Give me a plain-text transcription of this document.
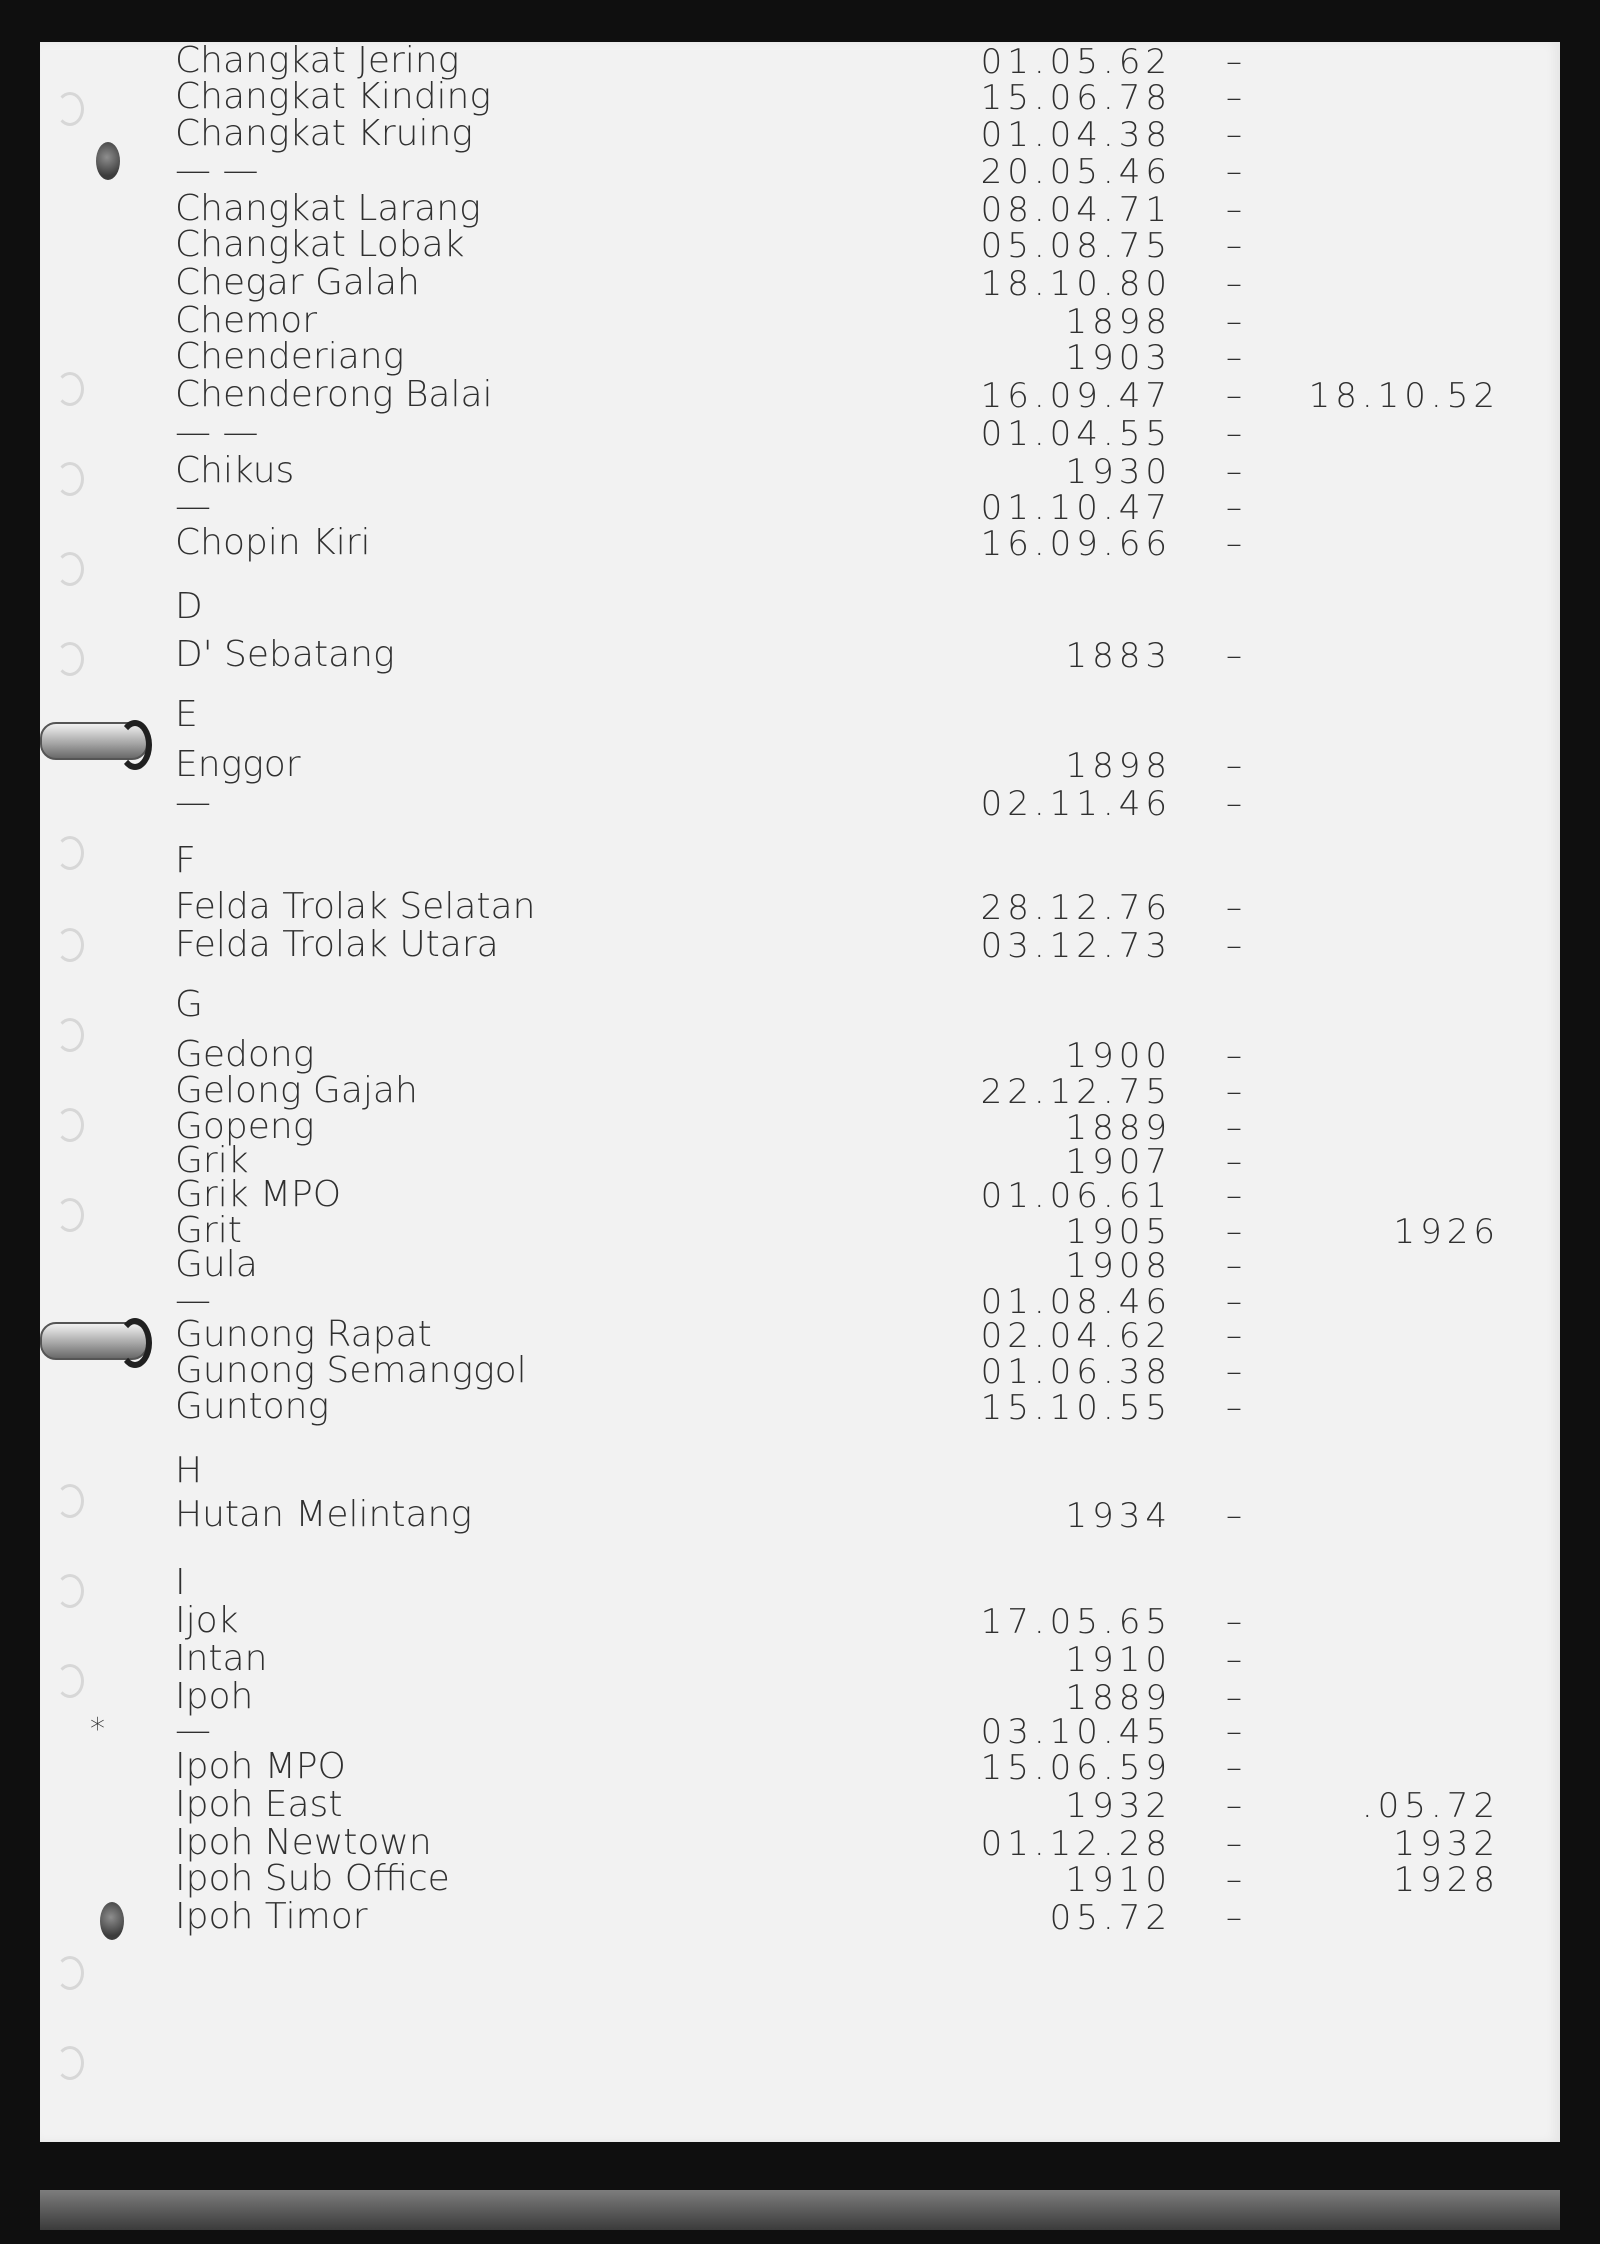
*
Changkat Jering	01.05.62 –
Changkat Kinding	15.06.78 –
Changkat Kruing	01.04.38 –
— —	20.05.46 –
Changkat Larang	08.04.71 –
Changkat Lobak	05.08.75 –
Chegar Galah	18.10.80 –
Chemor	1898 –
Chenderiang	1903 –
Chenderong Balai	16.09.47 – 18.10.52
— —	01.04.55 –
Chikus	1930 –
—	01.10.47 –
Chopin Kiri	16.09.66 –
D
D' Sebatang	1883 –
E
Enggor	1898 –
—	02.11.46 –
F
Felda Trolak Selatan	28.12.76 –
Felda Trolak Utara	03.12.73 –
G
Gedong	1900 –
Gelong Gajah	22.12.75 –
Gopeng	1889 –
Grik	1907 –
Grik MPO	01.06.61 –
Grit	1905 –	1926
Gula	1908 –
—	01.08.46 –
Gunong Rapat	02.04.62 –
Gunong Semanggol	01.06.38 –
Guntong	15.10.55 –
H
Hutan Melintang	1934 –
I
Ijok	17.05.65 –
Intan	1910 –
Ipoh	1889 –
—	03.10.45 –
Ipoh MPO	15.06.59 –
Ipoh East	1932 –	.05.72
Ipoh Newtown	01.12.28 –	1932
Ipoh Sub Office	1910 –	1928
Ipoh Timor	05.72 –
